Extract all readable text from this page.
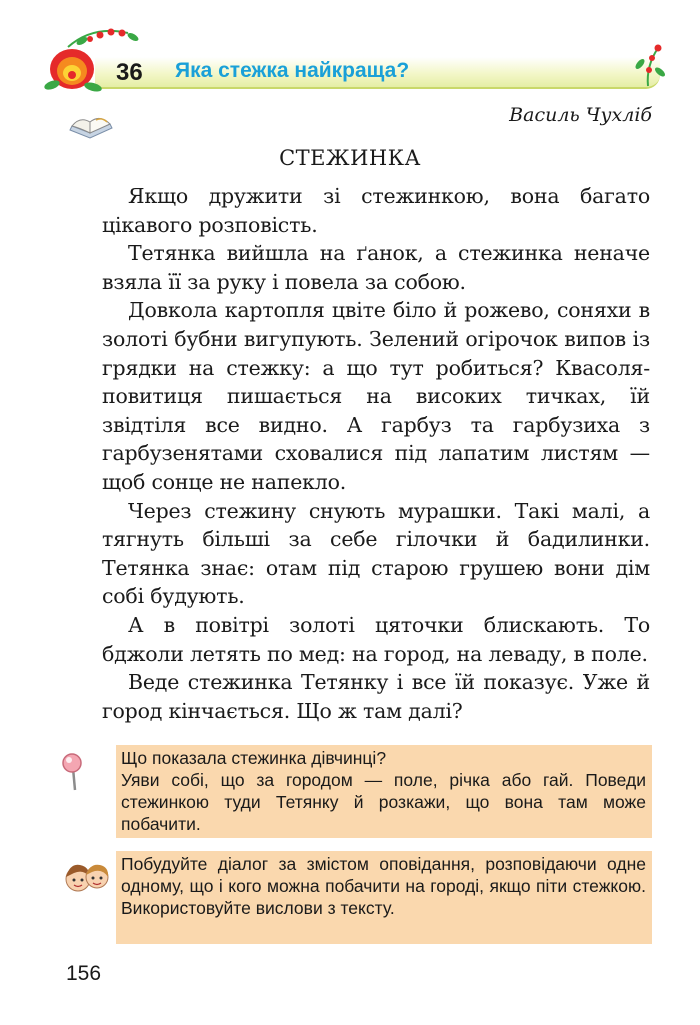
36 Яка стежка найкраща?
Василь Чухліб
СТЕЖИНКА

Якщо дружити зі стежинкою, вона багато цікавого розповість.

Тетянка вийшла на ґанок, а стежинка неначе взяла її за руку і повела за собою.

Довкола картопля цвіте біло й рожево, соняхи в золоті бубни вигупують. Зелений огірочок випов із грядки на стежку: а що тут робиться? Квасоля-повитиця пишається на високих тичках, їй звідтіля все видно. А гарбуз та гарбузиха з гарбузенятами сховалися під лапатим листям — щоб сонце не напекло.

Через стежину снують мурашки. Такі малі, а тягнуть більші за себе гілочки й бадилинки. Тетянка знає: отам під старою грушею вони дім собі будують.

А в повітрі золоті цяточки блискають. То бджоли летять по мед: на город, на леваду, в поле.

Веде стежинка Тетянку і все їй показує. Уже й город кінчається. Що ж там далі?

Що показала стежинка дівчинці?

Уяви собі, що за городом — поле, річка або гай. Поведи стежинкою туди Тетянку й розкажи, що вона там може побачити.

Побудуйте діалог за змістом оповідання, розповідаючи одне одному, що і кого можна побачити на городі, якщо піти стежкою. Використовуйте вислови з тексту.

156
